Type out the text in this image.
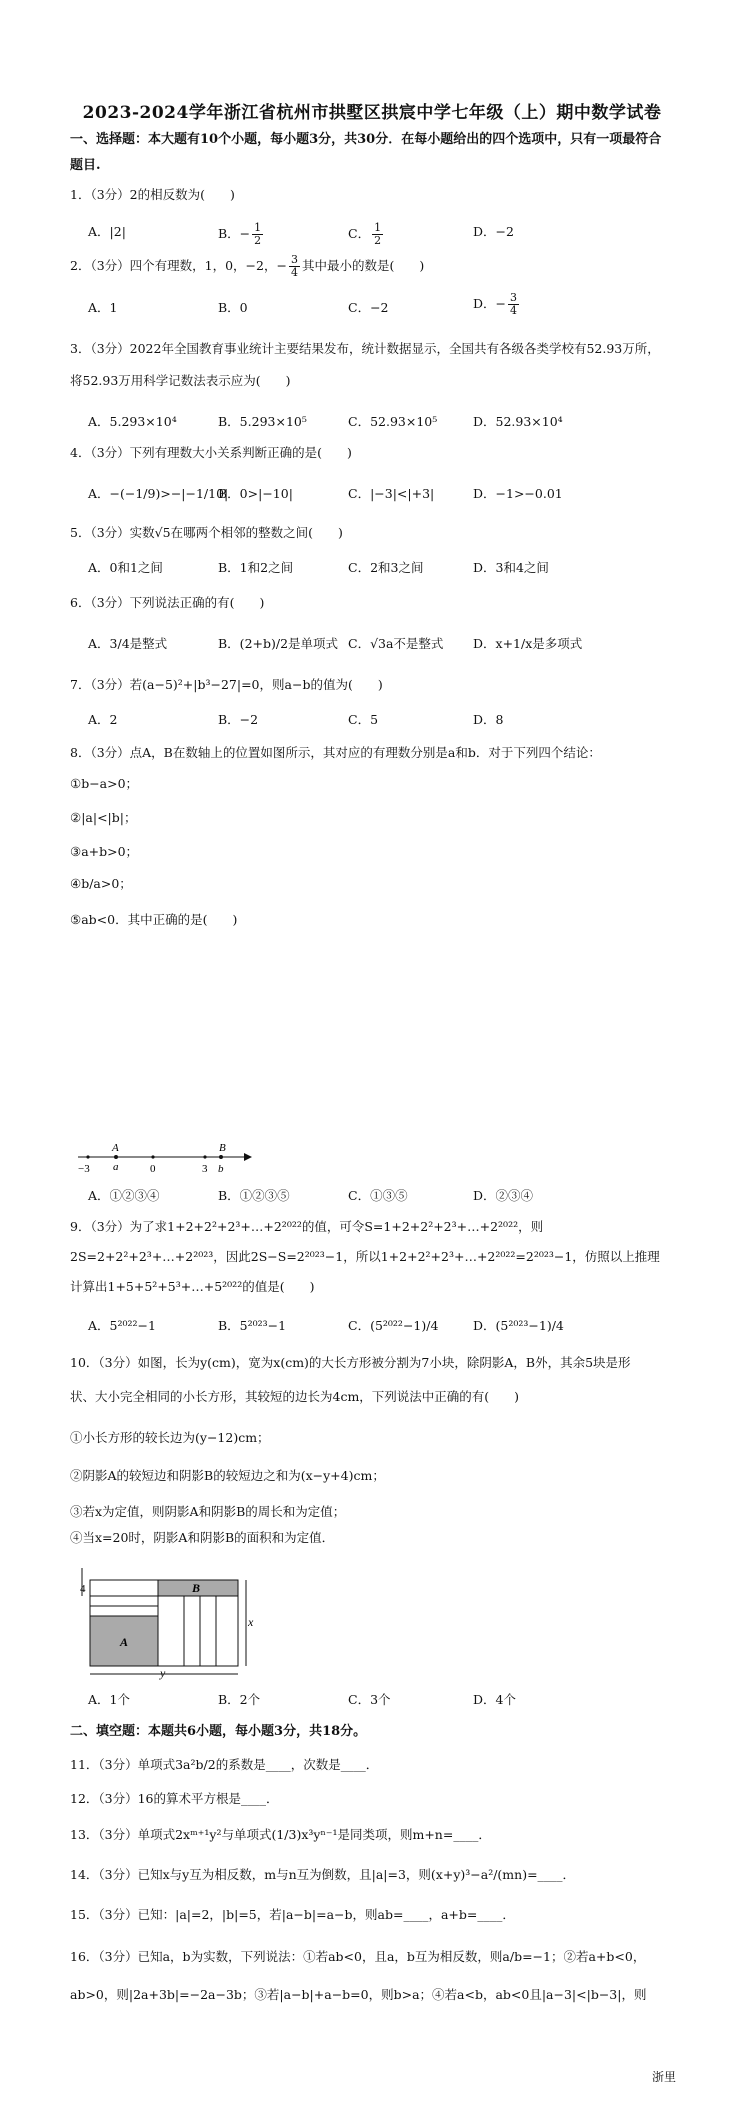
2023-2024学年浙江省杭州市拱墅区拱宸中学七年级（上）期中数学试卷
一、选择题：本大题有10个小题，每小题3分，共30分．在每小题给出的四个选项中，只有一项最符合
题目.
1．（3分）2的相反数为(　　)
A．|2|	B．− $\frac{1}{2}$	C． $\frac{1}{2}$	D．−2
2．（3分）四个有理数，1，0，−2，− $\frac{3}{4}$ 其中最小的数是(　　)
A．1	B．0	C．−2	D．− $\frac{3}{4}$
3．（3分）2022年全国教育事业统计主要结果发布，统计数据显示，全国共有各级各类学校有52.93万所，
将52.93万用科学记数法表示应为(　　)
A．5.293×10⁴	B．5.293×10⁵	C．52.93×10⁵	D．52.93×10⁴
4．（3分）下列有理数大小关系判断正确的是(　　)
A．−(−1/9)>−|−1/10|
B．0>|−10|	C．|−3|<|+3|	D．−1>−0.01
5．（3分）实数√5在哪两个相邻的整数之间(　　)
A．0和1之间	B．1和2之间	C．2和3之间	D．3和4之间
6．（3分）下列说法正确的有(　　)
A．3/4是整式	B．(2+b)/2是单项式 C．√3a不是整式 D．x+1/x是多项式
7．（3分）若(a−5)²+|b³−27|=0，则a−b的值为(　　)
A．2	B．−2	C．5	D．8
8．（3分）点A，B在数轴上的位置如图所示，其对应的有理数分别是a和b．对于下列四个结论：
①b−a>0；
②|a|<|b|；
③a+b>0；
④b/a>0；
⑤ab<0．其中正确的是(　　)
A	B
−3 a	0	3 b
A．①②③④	B．①②③⑤	C．①③⑤	D．②③④
9．（3分）为了求1+2+2²+2³+…+2²⁰²²的值，可令S=1+2+2²+2³+…+2²⁰²²，则
2S=2+2²+2³+…+2²⁰²³，因此2S−S=2²⁰²³−1，所以1+2+2²+2³+…+2²⁰²²=2²⁰²³−1，仿照以上推理
计算出1+5+5²+5³+…+5²⁰²²的值是(　　)
A．5²⁰²²−1	B．5²⁰²³−1	C．(5²⁰²²−1)/4	D．(5²⁰²³−1)/4
10．（3分）如图，长为y(cm)，宽为x(cm)的大长方形被分割为7小块，除阴影A，B外，其余5块是形
状、大小完全相同的小长方形，其较短的边长为4cm，下列说法中正确的有(　　)
①小长方形的较长边为(y−12)cm；
②阴影A的较短边和阴影B的较短边之和为(x−y+4)cm；
③若x为定值，则阴影A和阴影B的周长和为定值；
④当x=20时，阴影A和阴影B的面积和为定值．
4
A
B
x
y
A．1个	B．2个	C．3个	D．4个
二、填空题：本题共6小题，每小题3分，共18分。
11．（3分）单项式3a²b/2的系数是____，次数是____．
12．（3分）16的算术平方根是____．
13．（3分）单项式2xᵐ⁺¹y²与单项式(1/3)x³yⁿ⁻¹是同类项，则m+n=____．
14．（3分）已知x与y互为相反数，m与n互为倒数，且|a|=3，则(x+y)³−a²/(mn)=____．
15．（3分）已知：|a|=2，|b|=5，若|a−b|=a−b，则ab=____，a+b=____．
16．（3分）已知a，b为实数，下列说法：①若ab<0，且a，b互为相反数，则a/b=−1；②若a+b<0，
ab>0，则|2a+3b|=−2a−3b；③若|a−b|+a−b=0，则b>a；④若a<b，ab<0且|a−3|<|b−3|，则
浙里
